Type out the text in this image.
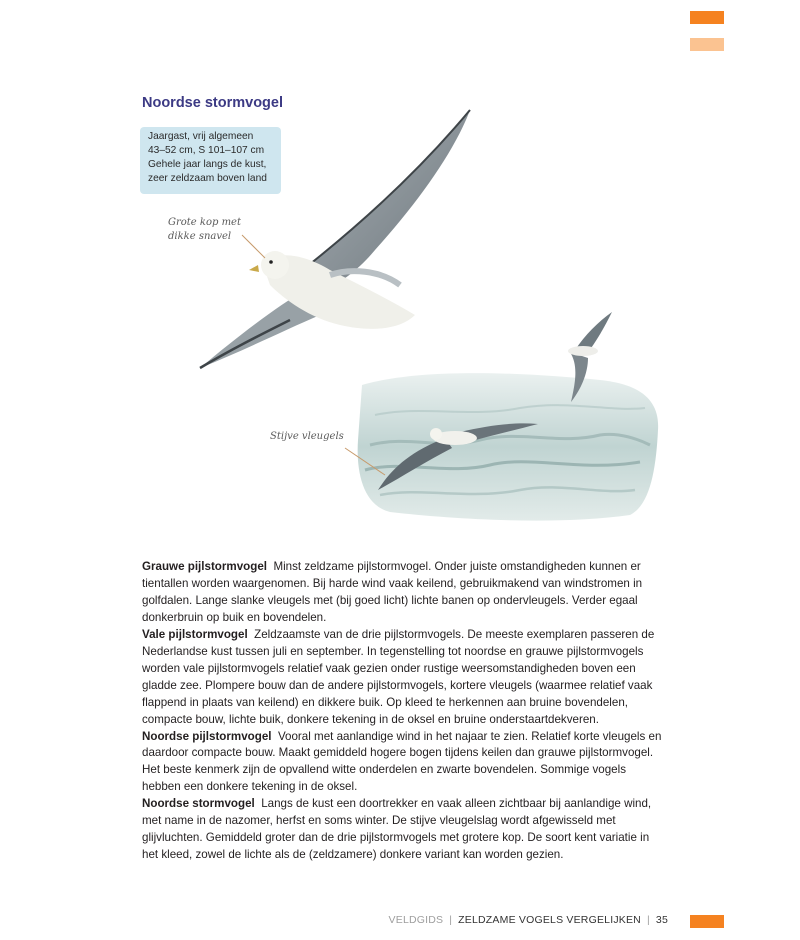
Noordse stormvogel
Jaargast, vrij algemeen
43–52 cm, S 101–107 cm
Gehele jaar langs de kust,
zeer zeldzaam boven land
Grote kop met
dikke snavel
Stijve vleugels

Grauwe pijlstormvogel Minst zeldzame pijlstormvogel. Onder juiste omstandigheden kunnen er tientallen worden waargenomen. Bij harde wind vaak keilend, gebruikmakend van windstromen in golfdalen. Lange slanke vleugels met (bij goed licht) lichte banen op ondervleugels. Verder egaal donkerbruin op buik en bovendelen.

Vale pijlstormvogel Zeldzaamste van de drie pijlstormvogels. De meeste exemplaren passeren de Nederlandse kust tussen juli en september. In tegenstelling tot noordse en grauwe pijlstormvogels worden vale pijlstormvogels relatief vaak gezien onder rustige weersomstandigheden boven een gladde zee. Plompere bouw dan de andere pijlstormvogels, kortere vleugels (waarmee relatief vaak flappend in plaats van keilend) en dikkere buik. Op kleed te herkennen aan bruine bovendelen, compacte bouw, lichte buik, donkere tekening in de oksel en bruine onderstaartdekveren.

Noordse pijlstormvogel Vooral met aanlandige wind in het najaar te zien. Relatief korte vleugels en daardoor compacte bouw. Maakt gemiddeld hogere bogen tijdens keilen dan grauwe pijlstormvogel. Het beste kenmerk zijn de opvallend witte onderdelen en zwarte bovendelen. Sommige vogels hebben een donkere tekening in de oksel.

Noordse stormvogel Langs de kust een doortrekker en vaak alleen zichtbaar bij aanlandige wind, met name in de nazomer, herfst en soms winter. De stijve vleugelslag wordt afgewisseld met glijvluchten. Gemiddeld groter dan de drie pijlstormvogels met grotere kop. De soort kent variatie in het kleed, zowel de lichte als de (zeldzamere) donkere variant kan worden gezien.

VELDGIDS | ZELDZAME VOGELS VERGELIJKEN | 35
